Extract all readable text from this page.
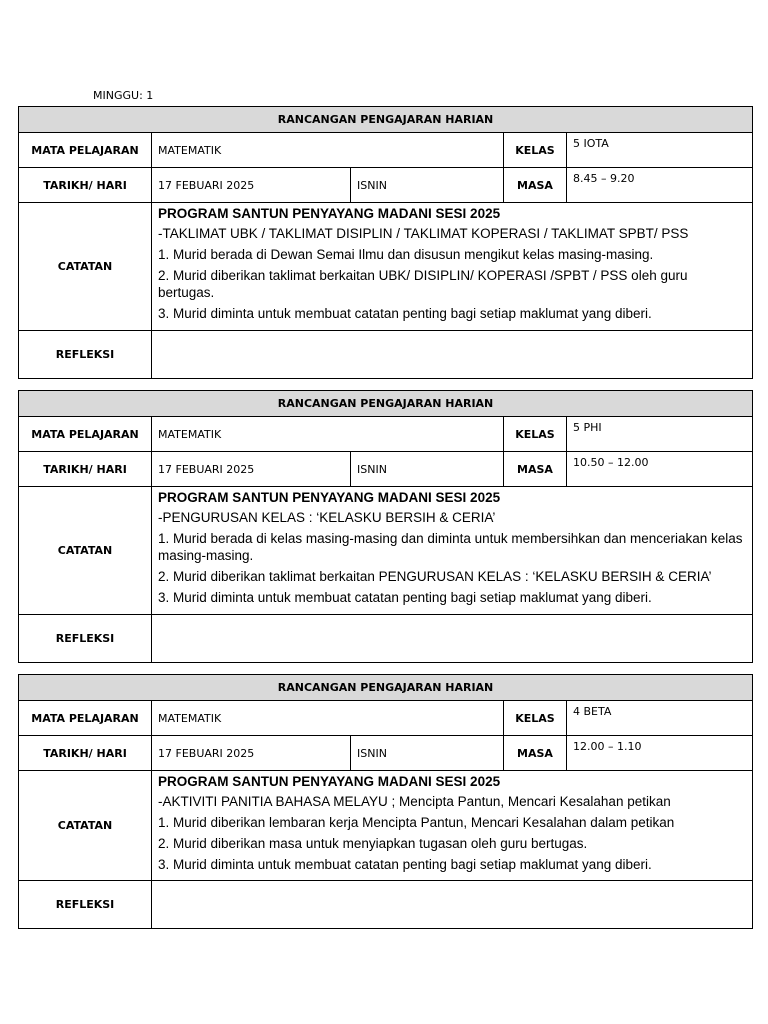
MINGGU: 1
RANCANGAN PENGAJARAN HARIAN				
MATA PELAJARAN	MATEMATIK		KELAS	5 IOTA
TARIKH/ HARI	17 FEBUARI 2025	ISNIN	MASA	8.45 – 9.20
CATATAN	PROGRAM SANTUN PENYAYANG MADANI SESI 2025
-TAKLIMAT UBK / TAKLIMAT DISIPLIN / TAKLIMAT KOPERASI / TAKLIMAT SPBT/ PSS
1. Murid berada di Dewan Semai Ilmu dan disusun mengikut kelas masing-masing.
2. Murid diberikan taklimat berkaitan UBK/ DISIPLIN/ KOPERASI /SPBT / PSS oleh guru bertugas.
3. Murid diminta untuk membuat catatan penting bagi setiap maklumat yang diberi.			

REFLEKSI				
RANCANGAN PENGAJARAN HARIAN				
MATA PELAJARAN	MATEMATIK		KELAS	5 PHI
TARIKH/ HARI	17 FEBUARI 2025	ISNIN	MASA	10.50 – 12.00
CATATAN	PROGRAM SANTUN PENYAYANG MADANI SESI 2025
-PENGURUSAN KELAS : ‘KELASKU BERSIH & CERIA’
1. Murid berada di kelas masing-masing dan diminta untuk membersihkan dan menceriakan kelas masing-masing.
2. Murid diberikan taklimat berkaitan PENGURUSAN KELAS : ‘KELASKU BERSIH & CERIA’
3. Murid diminta untuk membuat catatan penting bagi setiap maklumat yang diberi.			

REFLEKSI				
RANCANGAN PENGAJARAN HARIAN				
MATA PELAJARAN	MATEMATIK		KELAS	4 BETA
TARIKH/ HARI	17 FEBUARI 2025	ISNIN	MASA	12.00 – 1.10
CATATAN	PROGRAM SANTUN PENYAYANG MADANI SESI 2025
-AKTIVITI PANITIA BAHASA MELAYU ; Mencipta Pantun, Mencari Kesalahan petikan
1. Murid diberikan lembaran kerja Mencipta Pantun, Mencari Kesalahan dalam petikan
2. Murid diberikan masa untuk menyiapkan tugasan oleh guru bertugas.
3. Murid diminta untuk membuat catatan penting bagi setiap maklumat yang diberi.			

REFLEKSI				
